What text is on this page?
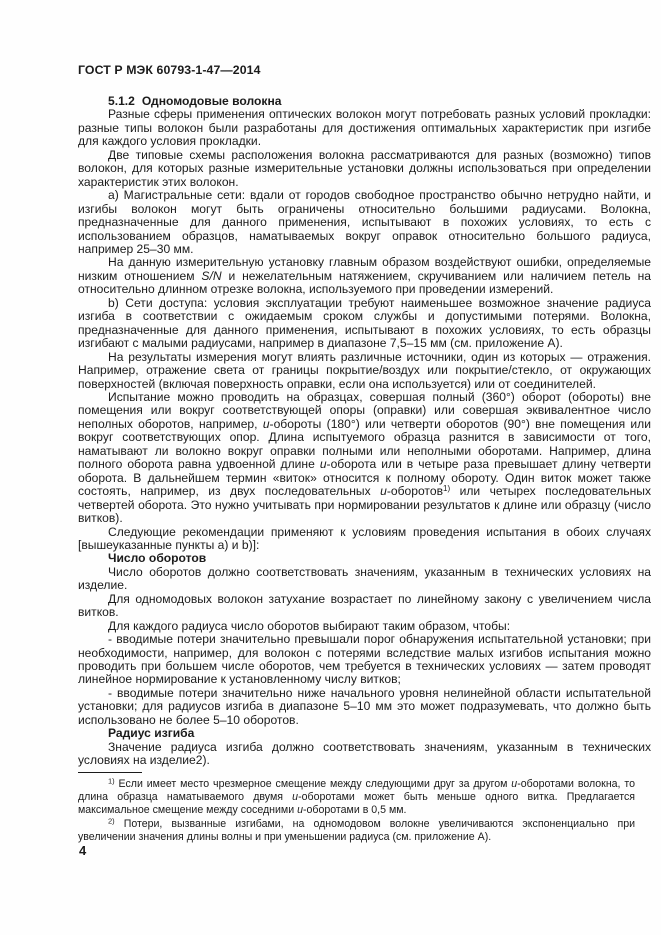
ГОСТ Р МЭК 60793-1-47—2014

5.1.2 Одномодовые волокна

Разные сферы применения оптических волокон могут потребовать разных условий прокладки: разные типы волокон были разработаны для достижения оптимальных характеристик при изгибе для каждого условия прокладки.

Две типовые схемы расположения волокна рассматриваются для разных (возможно) типов волокон, для которых разные измерительные установки должны использоваться при определении характеристик этих волокон.

а) Магистральные сети: вдали от городов свободное пространство обычно нетрудно найти, и изгибы волокон могут быть ограничены относительно большими радиусами. Волокна, предназначенные для данного применения, испытывают в похожих условиях, то есть с использованием образцов, наматываемых вокруг оправок относительно большого радиуса, например 25–30 мм.

На данную измерительную установку главным образом воздействуют ошибки, определяемые низким отношением S/N и нежелательным натяжением, скручиванием или наличием петель на относительно длинном отрезке волокна, используемого при проведении измерений.

b) Сети доступа: условия эксплуатации требуют наименьшее возможное значение радиуса изгиба в соответствии с ожидаемым сроком службы и допустимыми потерями. Волокна, предназначенные для данного применения, испытывают в похожих условиях, то есть образцы изгибают с малыми радиусами, например в диапазоне 7,5–15 мм (см. приложение А).

На результаты измерения могут влиять различные источники, один из которых — отражения. Например, отражение света от границы покрытие/воздух или покрытие/стекло, от окружающих поверхностей (включая поверхность оправки, если она используется) или от соединителей.

Испытание можно проводить на образцах, совершая полный (360°) оборот (обороты) вне помещения или вокруг соответствующей опоры (оправки) или совершая эквивалентное число неполных оборотов, например, u-обороты (180°) или четверти оборотов (90°) вне помещения или вокруг соответствующих опор. Длина испытуемого образца разнится в зависимости от того, наматывают ли волокно вокруг оправки полными или неполными оборотами. Например, длина полного оборота равна удвоенной длине u-оборота или в четыре раза превышает длину четверти оборота. В дальнейшем термин «виток» относится к полному обороту. Один виток может также состоять, например, из двух последовательных u-оборотов$^{1)}$ или четырех последовательных четвертей оборота. Это нужно учитывать при нормировании результатов к длине или образцу (число витков).

Следующие рекомендации применяют к условиям проведения испытания в обоих случаях [вышеуказанные пункты а) и b)]:

Число оборотов

Число оборотов должно соответствовать значениям, указанным в технических условиях на изделие.

Для одномодовых волокон затухание возрастает по линейному закону с увеличением числа витков.

Для каждого радиуса число оборотов выбирают таким образом, чтобы:

- вводимые потери значительно превышали порог обнаружения испытательной установки; при необходимости, например, для волокон с потерями вследствие малых изгибов испытания можно проводить при большем числе оборотов, чем требуется в технических условиях — затем проводят линейное нормирование к установленному числу витков;

- вводимые потери значительно ниже начального уровня нелинейной области испытательной установки; для радиусов изгиба в диапазоне 5–10 мм это может подразумевать, что должно быть использовано не более 5–10 оборотов.

Радиус изгиба

Значение радиуса изгиба должно соответствовать значениям, указанным в технических условиях на изделие2).

$^{1)}$ Если имеет место чрезмерное смещение между следующими друг за другом u-оборотами волокна, то длина образца наматываемого двумя u-оборотами может быть меньше одного витка. Предлагается максимальное смещение между соседними u-оборотами в 0,5 мм.

$^{2)}$ Потери, вызванные изгибами, на одномодовом волокне увеличиваются экспоненциально при увеличении значения длины волны и при уменьшении радиуса (см. приложение А).

4
